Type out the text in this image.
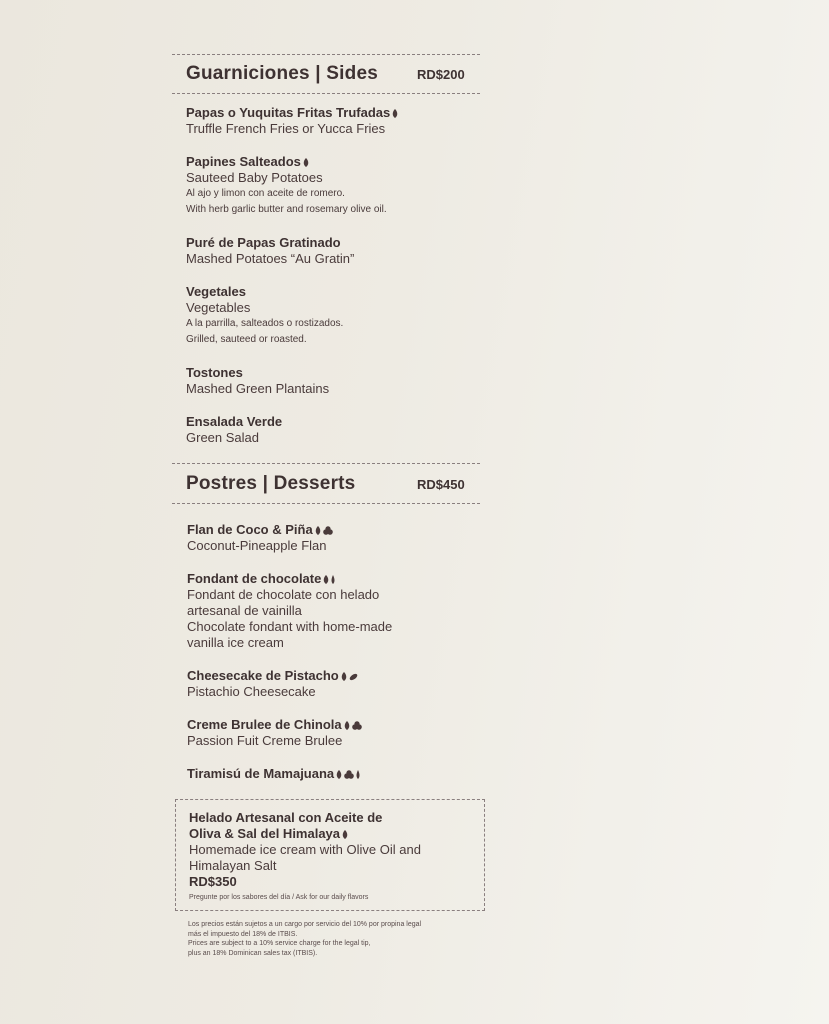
Guarniciones | Sides	RD$200
Papas o Yuquitas Fritas Trufadas
Truffle French Fries or Yucca Fries
Papines Salteados
Sauteed Baby Potatoes
Al ajo y limon con aceite de romero.
With herb garlic butter and rosemary olive oil.
Puré de Papas Gratinado
Mashed Potatoes “Au Gratin”
Vegetales
Vegetables
A la parrilla, salteados o rostizados.
Grilled, sauteed or roasted.
Tostones
Mashed Green Plantains
Ensalada Verde
Green Salad
Postres | Desserts	RD$450
Flan de Coco & Piña
Coconut-Pineapple Flan
Fondant de chocolate
Fondant de chocolate con helado
artesanal de vainilla
Chocolate fondant with home-made
vanilla ice cream
Cheesecake de Pistacho
Pistachio Cheesecake
Creme Brulee de Chinola
Passion Fuit Creme Brulee
Tiramisú de Mamajuana
Helado Artesanal con Aceite de
Oliva & Sal del Himalaya
Homemade ice cream with Olive Oil and
Himalayan Salt
RD$350
Pregunte por los sabores del día / Ask for our daily flavors
Los precios están sujetos a un cargo por servicio del 10% por propina legal
más el impuesto del 18% de ITBIS.
Prices are subject to a 10% service charge for the legal tip,
plus an 18% Dominican sales tax (ITBIS).
